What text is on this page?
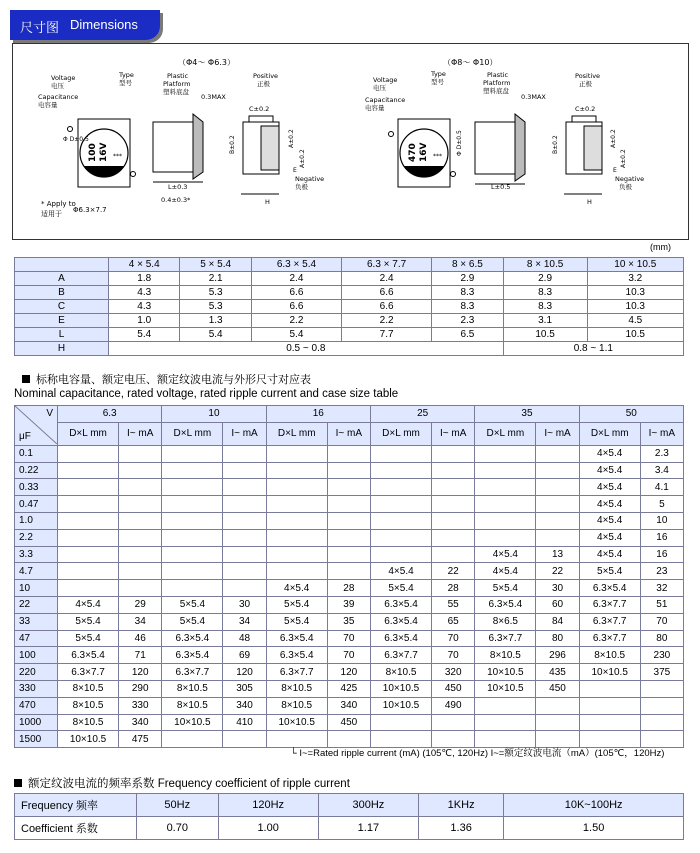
尺寸图 Dimensions
（Φ4～ Φ6.3）
Voltage
电压
Type
型号
Capacitance
电容量
Plastic
Platform
塑料底盘
Positive
正极
0.3MAX
C±0.2
Negative
负极
H
L±0.3
0.4±0.3*
* Apply to
适用于 Φ6.3×7.7
（Φ8～ Φ10）
Voltage
电压
Type
型号
Capacitance
电容量
Plastic
Platform
塑料底盘
0.3MAX
Positive
正极
C±0.2
Negative
负极
L±0.5
H
100 16V ***
Φ D±0.5	B±0.2	A±0.2
E
A±0.2	470 16V ***
Φ D±0.5	B±0.2	A±0.2
E
A±0.2
(mm)
	4 × 5.4	5 × 5.4	6.3 × 5.4	6.3 × 7.7	8 × 6.5	8 × 10.5	10 × 10.5
A	1.8	2.1	2.4	2.4	2.9	2.9	3.2
B	4.3	5.3	6.6	6.6	8.3	8.3	10.3
C	4.3	5.3	6.6	6.6	8.3	8.3	10.3
E	1.0	1.3	2.2	2.2	2.3	3.1	4.5
L	5.4	5.4	5.4	7.7	6.5	10.5	10.5
H	0.5 ~ 0.8					0.8 ~ 1.1	
标称电容量、额定电压、额定纹波电流与外形尺寸对应表
Nominal capacitance, rated voltage, rated ripple current and case size table
V
μF	6.3		10		16		25		35		50	
	D×L mm	I~ mA	D×L mm	I~ mA	D×L mm	I~ mA	D×L mm	I~ mA	D×L mm	I~ mA	D×L mm	I~ mA
0.1											4×5.4	2.3
0.22											4×5.4	3.4
0.33											4×5.4	4.1
0.47											4×5.4	5
1.0											4×5.4	10
2.2											4×5.4	16
3.3									4×5.4	13	4×5.4	16
4.7							4×5.4	22	4×5.4	22	5×5.4	23
10					4×5.4	28	5×5.4	28	5×5.4	30	6.3×5.4	32
22	4×5.4	29	5×5.4	30	5×5.4	39	6.3×5.4	55	6.3×5.4	60	6.3×7.7	51
33	5×5.4	34	5×5.4	34	5×5.4	35	6.3×5.4	65	8×6.5	84	6.3×7.7	70
47	5×5.4	46	6.3×5.4	48	6.3×5.4	70	6.3×5.4	70	6.3×7.7	80	6.3×7.7	80
100	6.3×5.4	71	6.3×5.4	69	6.3×5.4	70	6.3×7.7	70	8×10.5	296	8×10.5	230
220	6.3×7.7	120	6.3×7.7	120	6.3×7.7	120	8×10.5	320	10×10.5	435	10×10.5	375
330	8×10.5	290	8×10.5	305	8×10.5	425	10×10.5	450	10×10.5	450		
470	8×10.5	330	8×10.5	340	8×10.5	340	10×10.5	490				
1000	8×10.5	340	10×10.5	410	10×10.5	450						
1500	10×10.5	475										
└ I~=Rated ripple current (mA) (105℃, 120Hz) I~=额定纹波电流（mA）(105℃，120Hz)
额定纹波电流的频率系数 Frequency coefficient of ripple current
Frequency 频率	50Hz	120Hz	300Hz	1KHz	10K~100Hz
Coefficient 系数	0.70	1.00	1.17	1.36	1.50
